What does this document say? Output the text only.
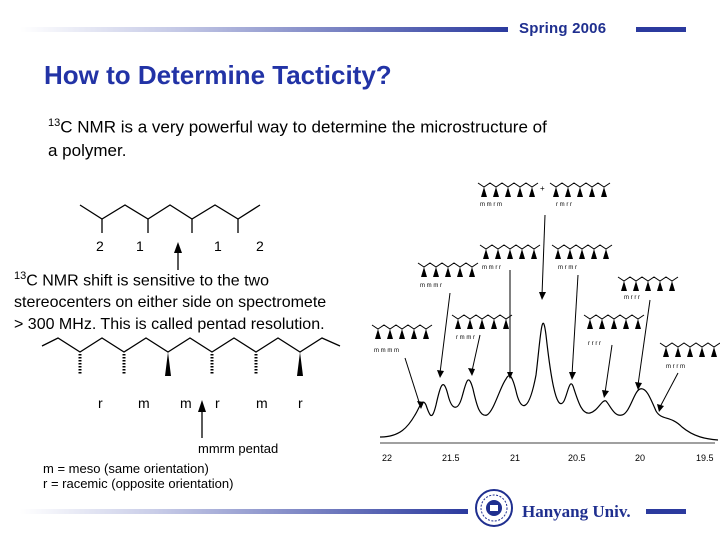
Spring 2006
How to Determine Tacticity?
$^{13}$C NMR is a very powerful way to determine the microstructure of
a polymer.
2 1	1 2
m m r m
+
r m r r
m m r r	m r m r
m m m r
m r r r
r m m r
r r r r
m m m m
m r r m
22	21.5	21	20.5	20	19.5
$^{13}$C NMR shift is sensitive to the two
stereocenters on either side on spectromete
> 300 MHz. This is called pentad resolution.
r	m m r	m r
mmrm pentad
m = meso (same orientation)
r = racemic (opposite orientation)
Hanyang Univ.
